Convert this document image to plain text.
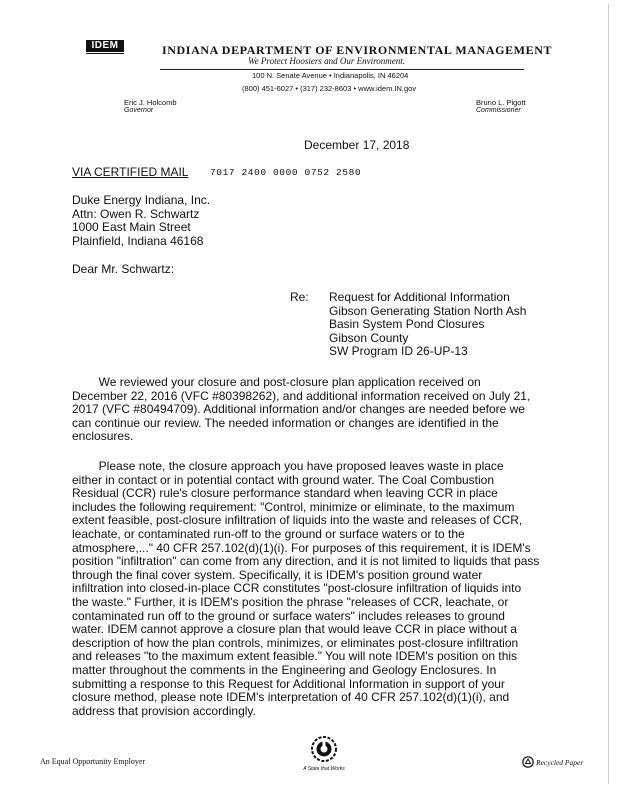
IDEM	INDIANA DEPARTMENT OF ENVIRONMENTAL MANAGEMENT
We Protect Hoosiers and Our Environment.
100 N. Senate Avenue • Indianapolis, IN 46204
(800) 451-6027 • (317) 232-8603 • www.idem.IN.gov
Eric J. Holcomb
Governor
Bruno L. Pigott
Commissioner
December 17, 2018
VIA CERTIFIED MAIL 7017 2400 0000 0752 2580
Duke Energy Indiana, Inc.
Attn: Owen R. Schwartz
1000 East Main Street
Plainfield, Indiana 46168
Dear Mr. Schwartz:
Re: Request for Additional Information
Gibson Generating Station North Ash
Basin System Pond Closures
Gibson County
SW Program ID 26-UP-13
We reviewed your closure and post-closure plan application received on
December 22, 2016 (VFC #80398262), and additional information received on July 21,
2017 (VFC #80494709). Additional information and/or changes are needed before we
can continue our review. The needed information or changes are identified in the
enclosures.
Please note, the closure approach you have proposed leaves waste in place
either in contact or in potential contact with ground water. The Coal Combustion
Residual (CCR) rule's closure performance standard when leaving CCR in place
includes the following requirement: "Control, minimize or eliminate, to the maximum
extent feasible, post-closure infiltration of liquids into the waste and releases of CCR,
leachate, or contaminated run-off to the ground or surface waters or to the
atmosphere,..." 40 CFR 257.102(d)(1)(i). For purposes of this requirement, it is IDEM's
position "infiltration" can come from any direction, and it is not limited to liquids that pass
through the final cover system. Specifically, it is IDEM's position ground water
infiltration into closed-in-place CCR constitutes "post-closure infiltration of liquids into
the waste." Further, it is IDEM's position the phrase "releases of CCR, leachate, or
contaminated run off to the ground or surface waters" includes releases to ground
water. IDEM cannot approve a closure plan that would leave CCR in place without a
description of how the plan controls, minimizes, or eliminates post-closure infiltration
and releases "to the maximum extent feasible." You will note IDEM's position on this
matter throughout the comments in the Engineering and Geology Enclosures. In
submitting a response to this Request for Additional Information in support of your
closure method, please note IDEM's interpretation of 40 CFR 257.102(d)(1)(i), and
address that provision accordingly.
An Equal Opportunity Employer
A State that Works
Recycled Paper
